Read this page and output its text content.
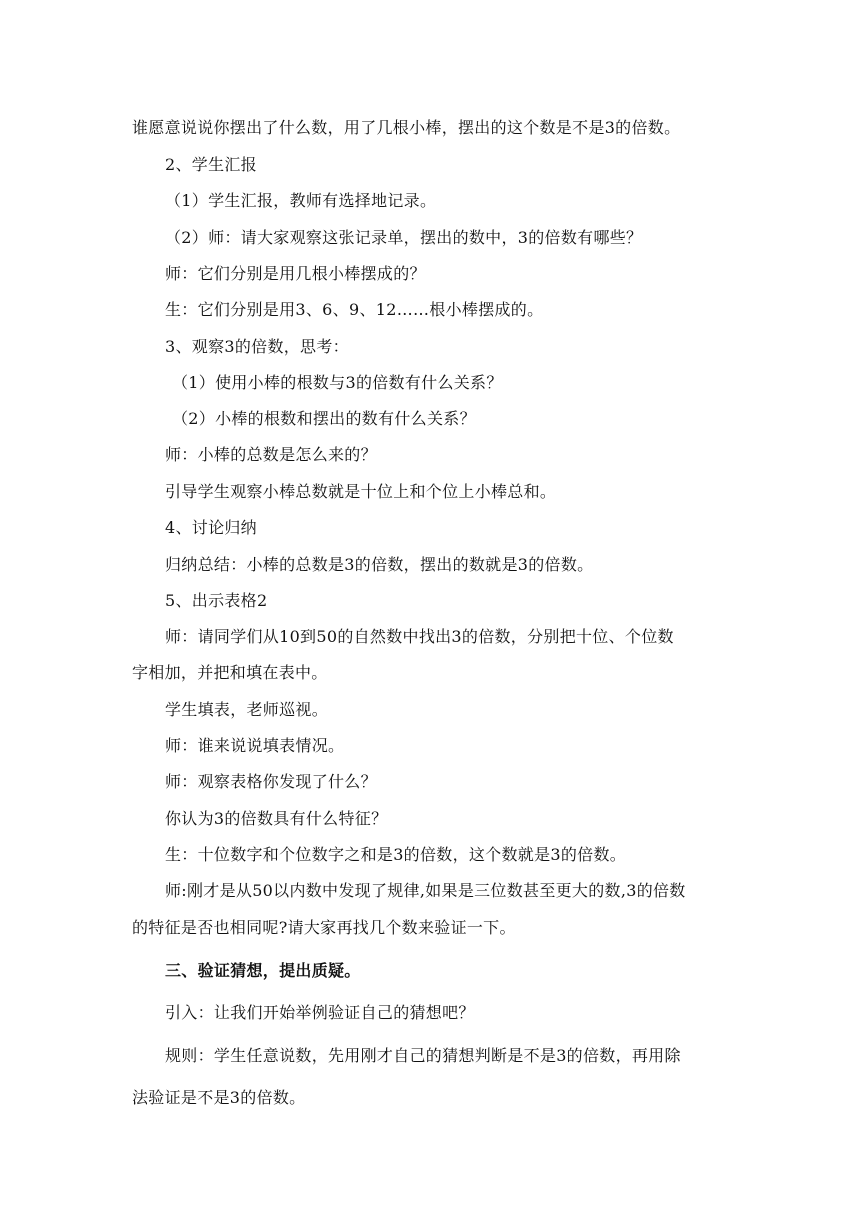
谁愿意说说你摆出了什么数，用了几根小棒，摆出的这个数是不是3的倍数。
2、学生汇报
（1）学生汇报，教师有选择地记录。
（2）师：请大家观察这张记录单，摆出的数中，3的倍数有哪些？
师：它们分别是用几根小棒摆成的？
生：它们分别是用3、6、9、12……根小棒摆成的。
3、观察3的倍数，思考：
（1）使用小棒的根数与3的倍数有什么关系？
（2）小棒的根数和摆出的数有什么关系？
师：小棒的总数是怎么来的？
引导学生观察小棒总数就是十位上和个位上小棒总和。
4、讨论归纳
归纳总结：小棒的总数是3的倍数，摆出的数就是3的倍数。
5、出示表格2
师：请同学们从10到50的自然数中找出3的倍数，分别把十位、个位数
字相加，并把和填在表中。
学生填表，老师巡视。
师：谁来说说填表情况。
师：观察表格你发现了什么？
你认为3的倍数具有什么特征？
生：十位数字和个位数字之和是3的倍数，这个数就是3的倍数。
师:刚才是从50以内数中发现了规律,如果是三位数甚至更大的数,3的倍数
的特征是否也相同呢?请大家再找几个数来验证一下。
三、验证猜想，提出质疑。
引入：让我们开始举例验证自己的猜想吧？
规则：学生任意说数，先用刚才自己的猜想判断是不是3的倍数，再用除
法验证是不是3的倍数。
